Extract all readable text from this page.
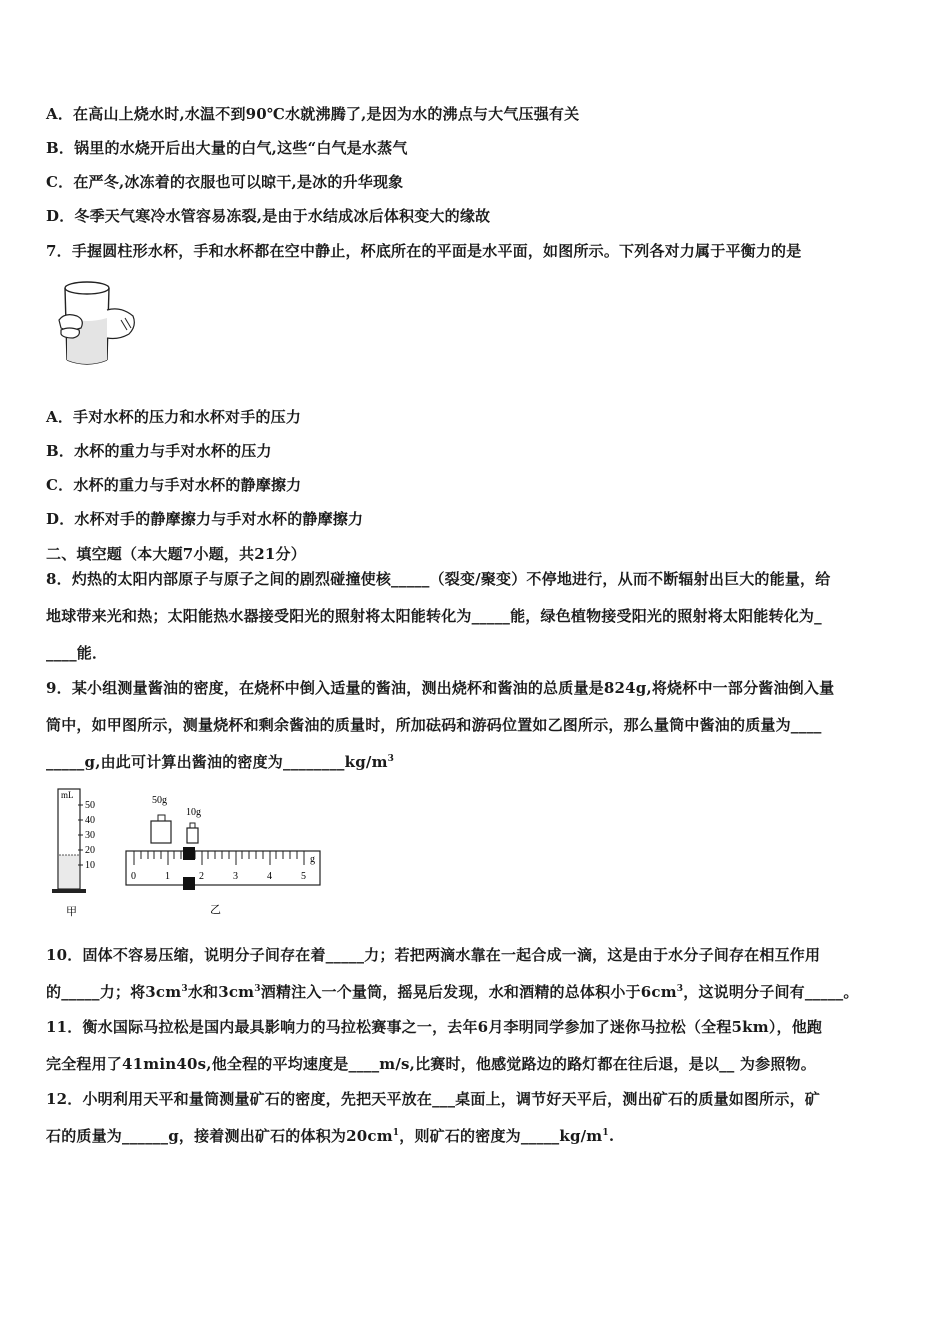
A．在高山上烧水时,水温不到90℃水就沸腾了,是因为水的沸点与大气压强有关
B．锅里的水烧开后出大量的白气,这些“白气是水蒸气
C．在严冬,冰冻着的衣服也可以晾干,是冰的升华现象
D．冬季天气寒冷水管容易冻裂,是由于水结成冰后体积变大的缘故
7．手握圆柱形水杯，手和水杯都在空中静止，杯底所在的平面是水平面，如图所示。下列各对力属于平衡力的是
A．手对水杯的压力和水杯对手的压力
B．水杯的重力与手对水杯的压力
C．水杯的重力与手对水杯的静摩擦力
D．水杯对手的静摩擦力与手对水杯的静摩擦力
二、填空题（本大题7小题，共21分）
8．灼热的太阳内部原子与原子之间的剧烈碰撞使核_____（裂变/聚变）不停地进行，从而不断辐射出巨大的能量，给
地球带来光和热；太阳能热水器接受阳光的照射将太阳能转化为_____能，绿色植物接受阳光的照射将太阳能转化为_
____能．
9．某小组测量酱油的密度，在烧杯中倒入适量的酱油，测出烧杯和酱油的总质量是824g,将烧杯中一部分酱油倒入量
筒中，如甲图所示，测量烧杯和剩余酱油的质量时，所加砝码和游码位置如乙图所示，那么量筒中酱油的质量为____
_____g,由此可计算出酱油的密度为$\_\_\_\_\_\_\_\_kg/m^3$
mL
50
40
30
20
10
甲
50g
10g
0	1	2	3	4	5
g
乙
10．固体不容易压缩，说明分子间存在着_____力；若把两滴水靠在一起合成一滴，这是由于水分子间存在相互作用
的_____力；将$3cm^3$水和$3cm^3$酒精注入一个量筒，摇晃后发现，水和酒精的总体积小于$6cm^3$，这说明分子间有_____。
11．衡水国际马拉松是国内最具影响力的马拉松赛事之一，去年6月李明同学参加了迷你马拉松（全程5km），他跑
完全程用了41min40s,他全程的平均速度是____m/s,比赛时，他感觉路边的路灯都在往后退，是以__ 为参照物。
12．小明利用天平和量筒测量矿石的密度，先把天平放在___桌面上，调节好天平后，测出矿石的质量如图所示，矿
石的质量为______g，接着测出矿石的体积为$20cm^1$，则矿石的密度为$\_\_\_\_\_kg/m^1$.
